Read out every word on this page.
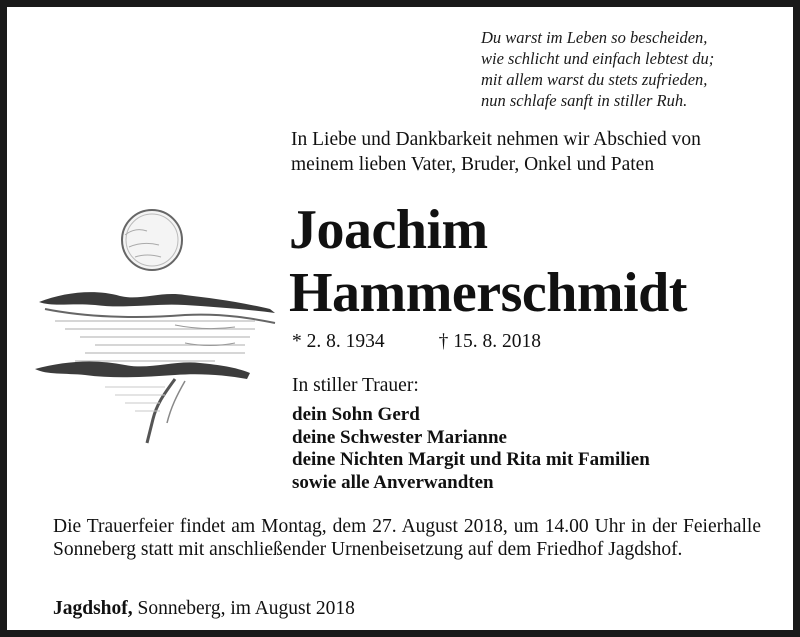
Du warst im Leben so bescheiden,
wie schlicht und einfach lebtest du;
mit allem warst du stets zufrieden,
nun schlafe sanft in stiller Ruh.
In Liebe und Dankbarkeit nehmen wir Abschied von
meinem lieben Vater, Bruder, Onkel und Paten
Joachim
Hammerschmidt
* 2. 8. 1934	† 15. 8. 2018
In stiller Trauer:
dein Sohn Gerd
deine Schwester Marianne
deine Nichten Margit und Rita mit Familien
sowie alle Anverwandten
Die Trauerfeier findet am Montag, dem 27. August 2018, um 14.00 Uhr in der Feierhalle Sonneberg statt mit anschließender Urnenbeisetzung auf dem Friedhof Jagdshof.
Jagdshof, Sonneberg, im August 2018
